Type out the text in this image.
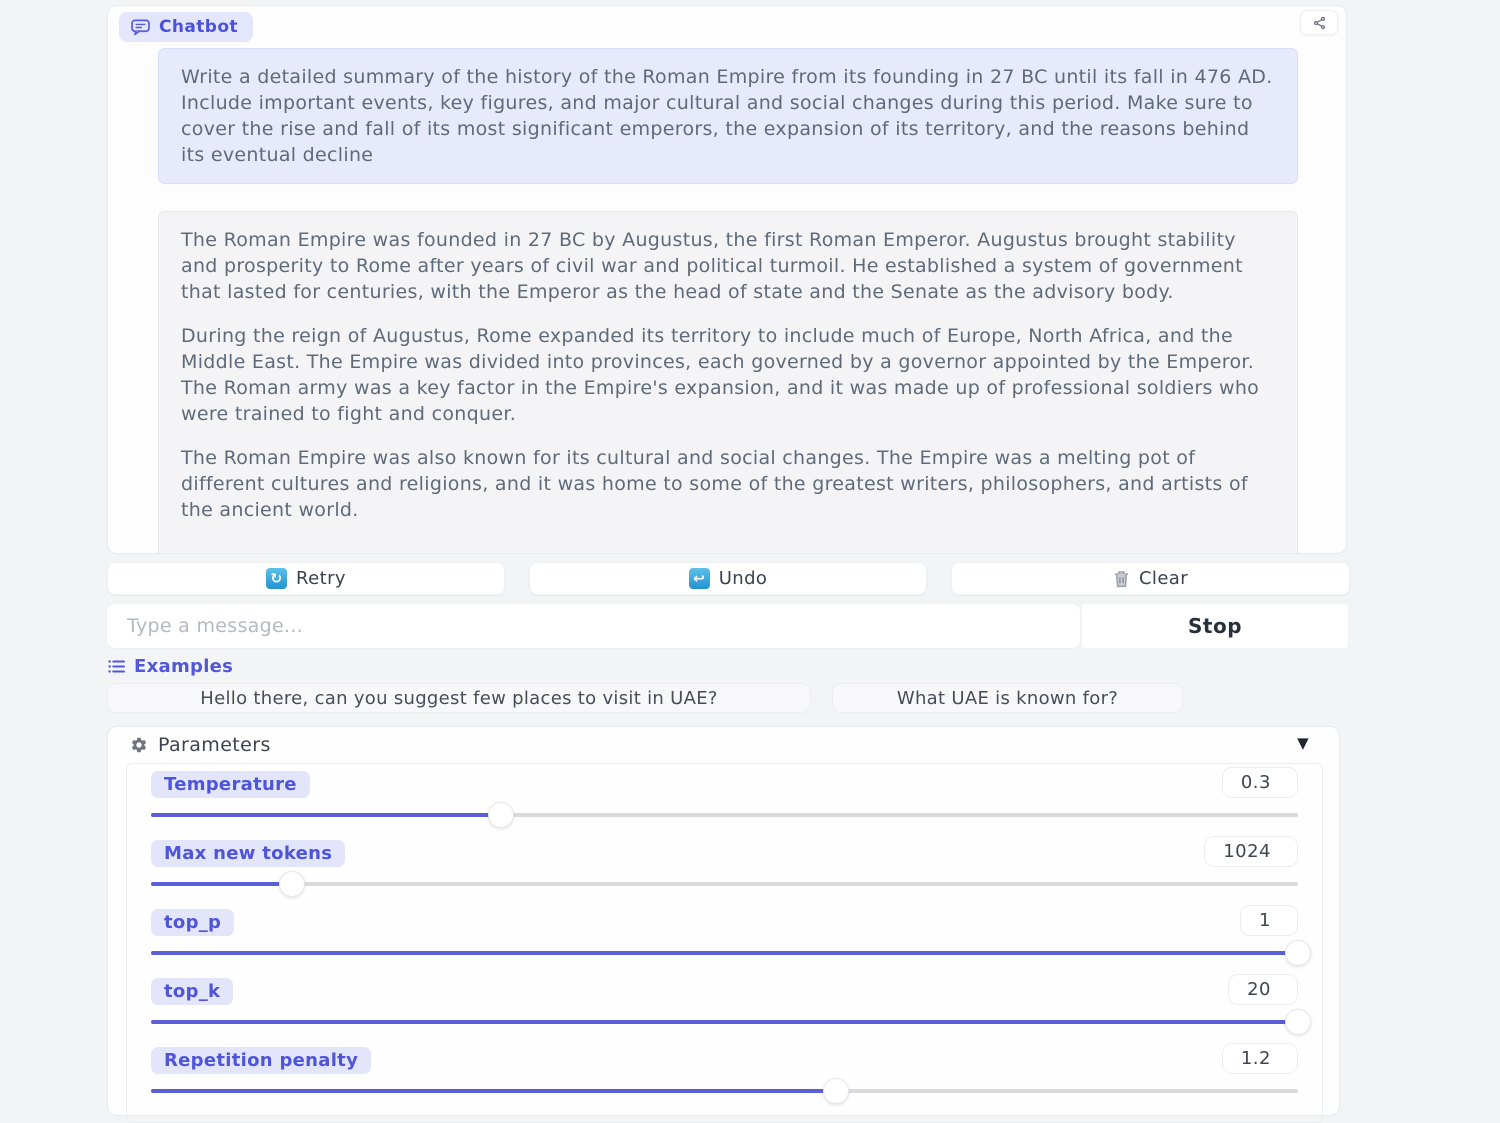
Chatbot
Write a detailed summary of the history of the Roman Empire from its founding in 27 BC until its fall in 476 AD. Include important events, key figures, and major cultural and social changes during this period. Make sure to cover the rise and fall of its most significant emperors, the expansion of its territory, and the reasons behind its eventual decline

The Roman Empire was founded in 27 BC by Augustus, the first Roman Emperor. Augustus brought stability and prosperity to Rome after years of civil war and political turmoil. He established a system of government that lasted for centuries, with the Emperor as the head of state and the Senate as the advisory body.

During the reign of Augustus, Rome expanded its territory to include much of Europe, North Africa, and the Middle East. The Empire was divided into provinces, each governed by a governor appointed by the Emperor. The Roman army was a key factor in the Empire's expansion, and it was made up of professional soldiers who were trained to fight and conquer.

The Roman Empire was also known for its cultural and social changes. The Empire was a melting pot of different cultures and religions, and it was home to some of the greatest writers, philosophers, and artists of the ancient world.

↻ Retry	↩ Undo	Clear
Type a message...
Stop
Examples
Hello there, can you suggest few places to visit in UAE?	What UAE is known for?
Parameters	▼
Temperature	0.3
Max new tokens	1024
top_p	1
top_k	20
Repetition penalty	1.2
